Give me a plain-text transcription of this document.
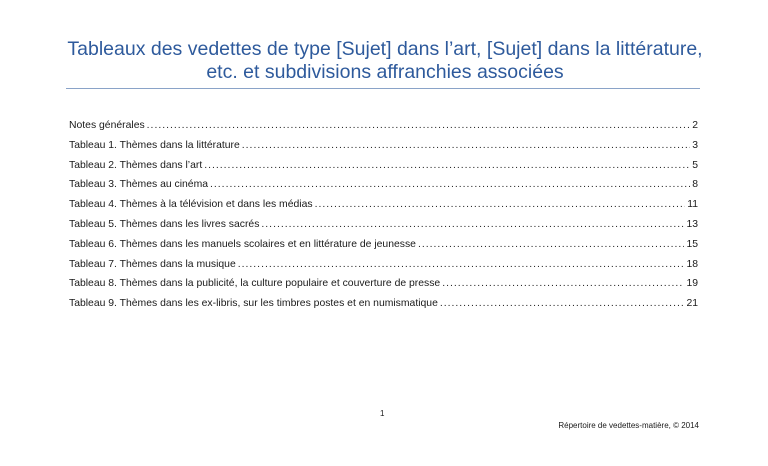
Tableaux des vedettes de type [Sujet] dans l’art, [Sujet] dans la littérature,
etc. et subdivisions affranchies associées
Notes générales .....	2
Tableau 1. Thèmes dans la littérature .....	3
Tableau 2. Thèmes dans l’art .....	5
Tableau 3. Thèmes au cinéma .....	8
Tableau 4. Thèmes à la télévision et dans les médias .....	11
Tableau 5. Thèmes dans les livres sacrés .....	13
Tableau 6. Thèmes dans les manuels scolaires et en littérature de jeunesse .....	15
Tableau 7. Thèmes dans la musique .....	18
Tableau 8. Thèmes dans la publicité, la culture populaire et couverture de presse .....	19
Tableau 9. Thèmes dans les ex-libris, sur les timbres postes et en numismatique .....	21
1
Répertoire de vedettes-matière, © 2014
